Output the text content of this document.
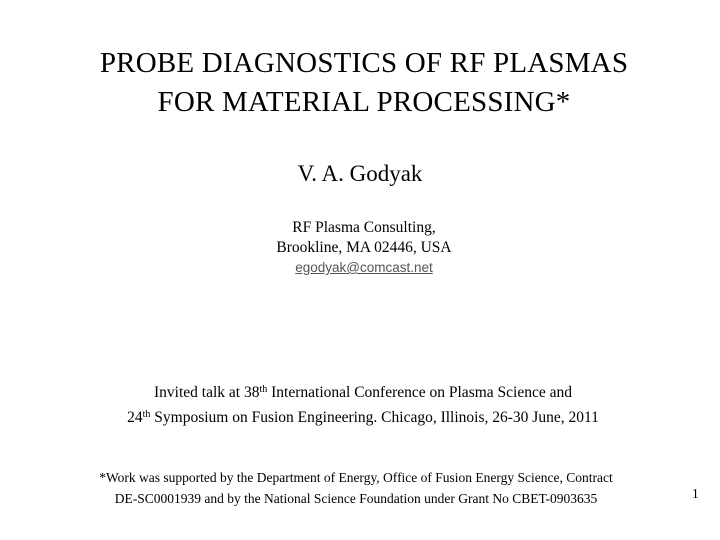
PROBE DIAGNOSTICS OF RF PLASMAS
FOR MATERIAL PROCESSING*
V. A. Godyak
RF Plasma Consulting,
Brookline, MA 02446, USA
egodyak@comcast.net
Invited talk at 38th International Conference on Plasma Science and
24th Symposium on Fusion Engineering. Chicago, Illinois, 26-30 June, 2011
*Work was supported by the Department of Energy, Office of Fusion Energy Science, Contract
DE-SC0001939 and by the National Science Foundation under Grant No CBET-0903635	1
